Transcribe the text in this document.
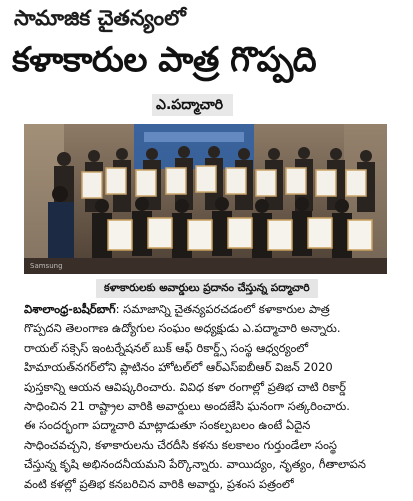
సామాజిక చైతన్యంలో
కళాకారుల పాత్ర గొప్పది
ఎ.పద్మాచారి
Samsung
కళాకారులకు అవార్డులు ప్రదానం చేస్తున్న పద్మాచారి
విశాలాంధ్ర-బషీర్‌బాగ్: సమాజాన్ని చైతన్యపరచడంలో కళాకారుల పాత్ర
గొప్పదని తెలంగాణ ఉద్యోగుల సంఘం అధ్యక్షుడు ఎ.పద్మాచారి అన్నారు.
రాయల్ సక్సెస్ ఇంటర్నేషనల్ బుక్ ఆఫ్ రికార్డ్స్ సంస్థ ఆధ్వర్యంలో
హిమాయత్‌నగర్‌లోని ప్లాటినం హోటల్‌లో ఆర్‌ఎస్‌ఐబీఆర్ విజన్ 2020
పుస్తకాన్ని ఆయన ఆవిష్కరించారు. వివిధ కళా రంగాల్లో ప్రతిభ చాటి రికార్డ్
సాధించిన 21 రాష్ట్రాల వారికి అవార్డులు అందజేసి ఘనంగా సత్కరించారు.
ఈ సందర్భంగా పద్మాచారి మాట్లాడుతూ సంకల్పబలం ఉంటే ఏదైన
సాధించవచ్చని, కళాకారులను చేరదీసి కళను కలకాలం గుర్తుండేలా సంస్థ
చేస్తున్న కృషి అభినందనీయమని పేర్కొన్నారు. వాయిద్యం, నృత్యం, గీతాలాపన
వంటి కళల్లో ప్రతిభ కనబరిచిన వారికి అవార్డు, ప్రశంస పత్రంలో
